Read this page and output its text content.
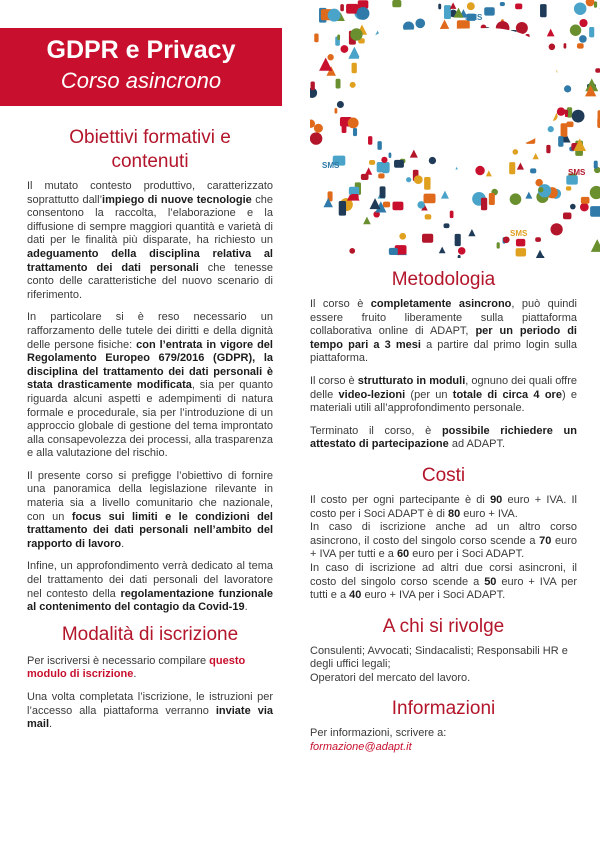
SMS
SMS
SMS
SMS
GDPR e Privacy
Corso asincrono
Obiettivi formativi e contenuti

Il mutato contesto produttivo, caratterizzato soprattutto dall’impiego di nuove tecnologie che consentono la raccolta, l’elaborazione e la diffusione di sempre maggiori quantità e varietà di dati per le finalità più disparate, ha richiesto un adeguamento della disciplina relativa al trattamento dei dati personali che tenesse conto delle caratteristiche del nuovo scenario di riferimento.

In particolare si è reso necessario un rafforzamento delle tutele dei diritti e della dignità delle persone fisiche: con l’entrata in vigore del Regolamento Europeo 679/2016 (GDPR), la disciplina del trattamento dei dati personali è stata drasticamente modificata, sia per quanto riguarda alcuni aspetti e adempimenti di natura formale e procedurale, sia per l’introduzione di un approccio globale di gestione del tema improntato alla consapevolezza dei processi, alla trasparenza e alla valutazione del rischio.

Il presente corso si prefigge l’obiettivo di fornire una panoramica della legislazione rilevante in materia sia a livello comunitario che nazionale, con un focus sui limiti e le condizioni del trattamento dei dati personali nell’ambito del rapporto di lavoro.

Infine, un approfondimento verrà dedicato al tema del trattamento dei dati personali del lavoratore nel contesto della regolamentazione funzionale al contenimento del contagio da Covid-19.

Modalità di iscrizione

Per iscriversi è necessario compilare questo modulo di iscrizione.

Una volta completata l’iscrizione, le istruzioni per l’accesso alla piattaforma verranno inviate via mail.

Metodologia

Il corso è completamente asincrono, può quindi essere fruito liberamente sulla piattaforma collaborativa online di ADAPT, per un periodo di tempo pari a 3 mesi a partire dal primo login sulla piattaforma.

Il corso è strutturato in moduli, ognuno dei quali offre delle video-lezioni (per un totale di circa 4 ore) e materiali utili all’approfondimento personale.

Terminato il corso, è possibile richiedere un attestato di partecipazione ad ADAPT.

Costi

Il costo per ogni partecipante è di 90 euro + IVA. Il costo per i Soci ADAPT è di 80 euro + IVA.

In caso di iscrizione anche ad un altro corso asincrono, il costo del singolo corso scende a 70 euro + IVA per tutti e a 60 euro per i Soci ADAPT.

In caso di iscrizione ad altri due corsi asincroni, il costo del singolo corso scende a 50 euro + IVA per tutti e a 40 euro + IVA per i Soci ADAPT.

A chi si rivolge

Consulenti; Avvocati; Sindacalisti; Responsabili HR e degli uffici legali;

Operatori del mercato del lavoro.

Informazioni

Per informazioni, scrivere a:

formazione@adapt.it
